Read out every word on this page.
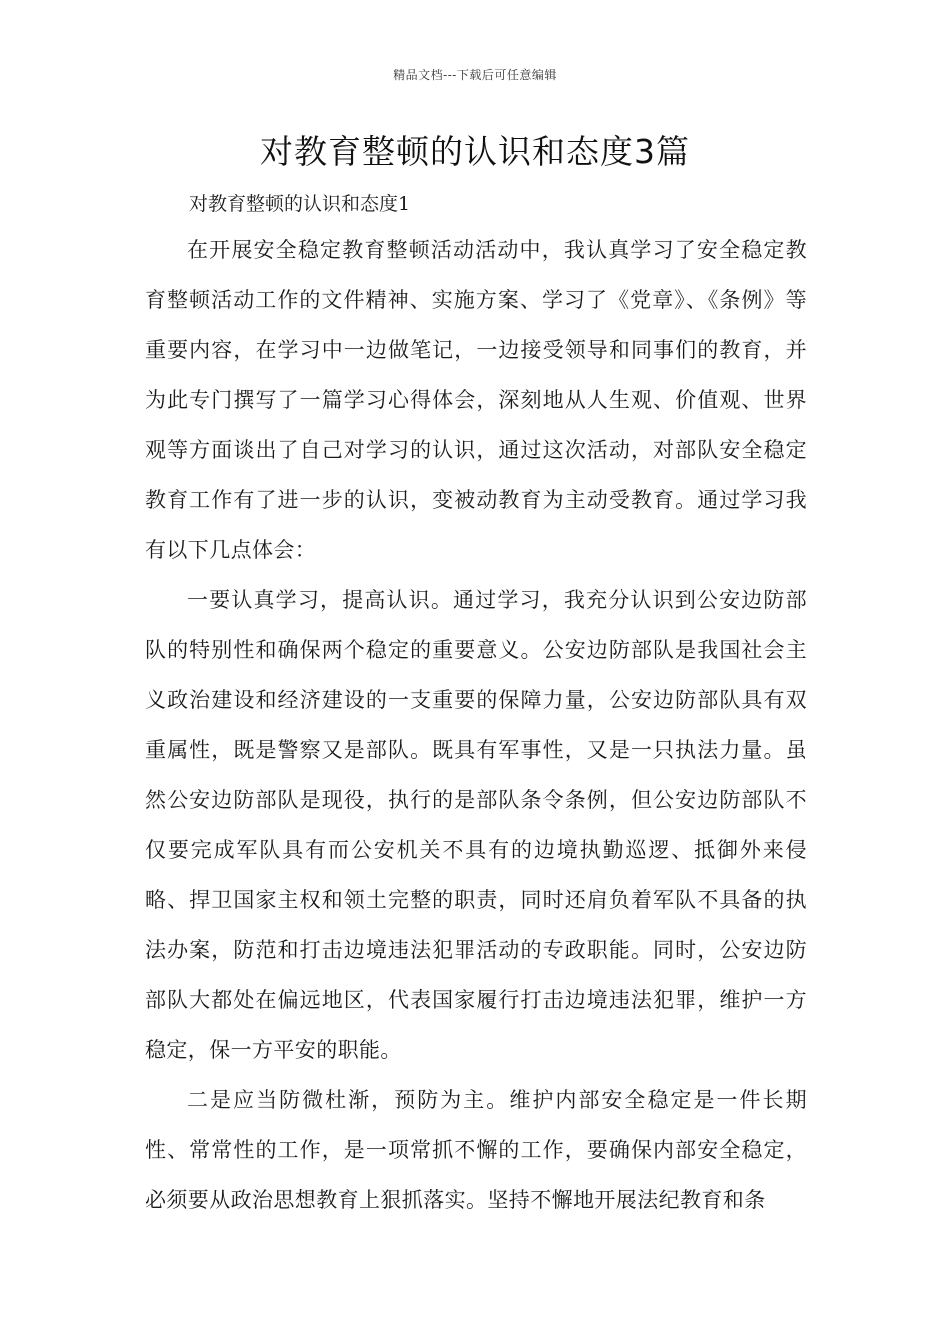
精品文档---下载后可任意编辑
对教育整顿的认识和态度3篇
对教育整顿的认识和态度1

在开展安全稳定教育整顿活动活动中，我认真学习了安全稳定教育整顿活动工作的文件精神、实施方案、学习了《党章》、《条例》等重要内容，在学习中一边做笔记，一边接受领导和同事们的教育，并为此专门撰写了一篇学习心得体会，深刻地从人生观、价值观、世界观等方面谈出了自己对学习的认识，通过这次活动，对部队安全稳定教育工作有了进一步的认识，变被动教育为主动受教育。通过学习我有以下几点体会：

一要认真学习，提高认识。通过学习，我充分认识到公安边防部队的特别性和确保两个稳定的重要意义。公安边防部队是我国社会主义政治建设和经济建设的一支重要的保障力量，公安边防部队具有双重属性，既是警察又是部队。既具有军事性，又是一只执法力量。虽然公安边防部队是现役，执行的是部队条令条例，但公安边防部队不仅要完成军队具有而公安机关不具有的边境执勤巡逻、抵御外来侵略、捍卫国家主权和领土完整的职责，同时还肩负着军队不具备的执法办案，防范和打击边境违法犯罪活动的专政职能。同时，公安边防部队大都处在偏远地区，代表国家履行打击边境违法犯罪，维护一方稳定，保一方平安的职能。

二是应当防微杜渐，预防为主。维护内部安全稳定是一件长期性、常常性的工作，是一项常抓不懈的工作，要确保内部安全稳定，必须要从政治思想教育上狠抓落实。坚持不懈地开展法纪教育和条
